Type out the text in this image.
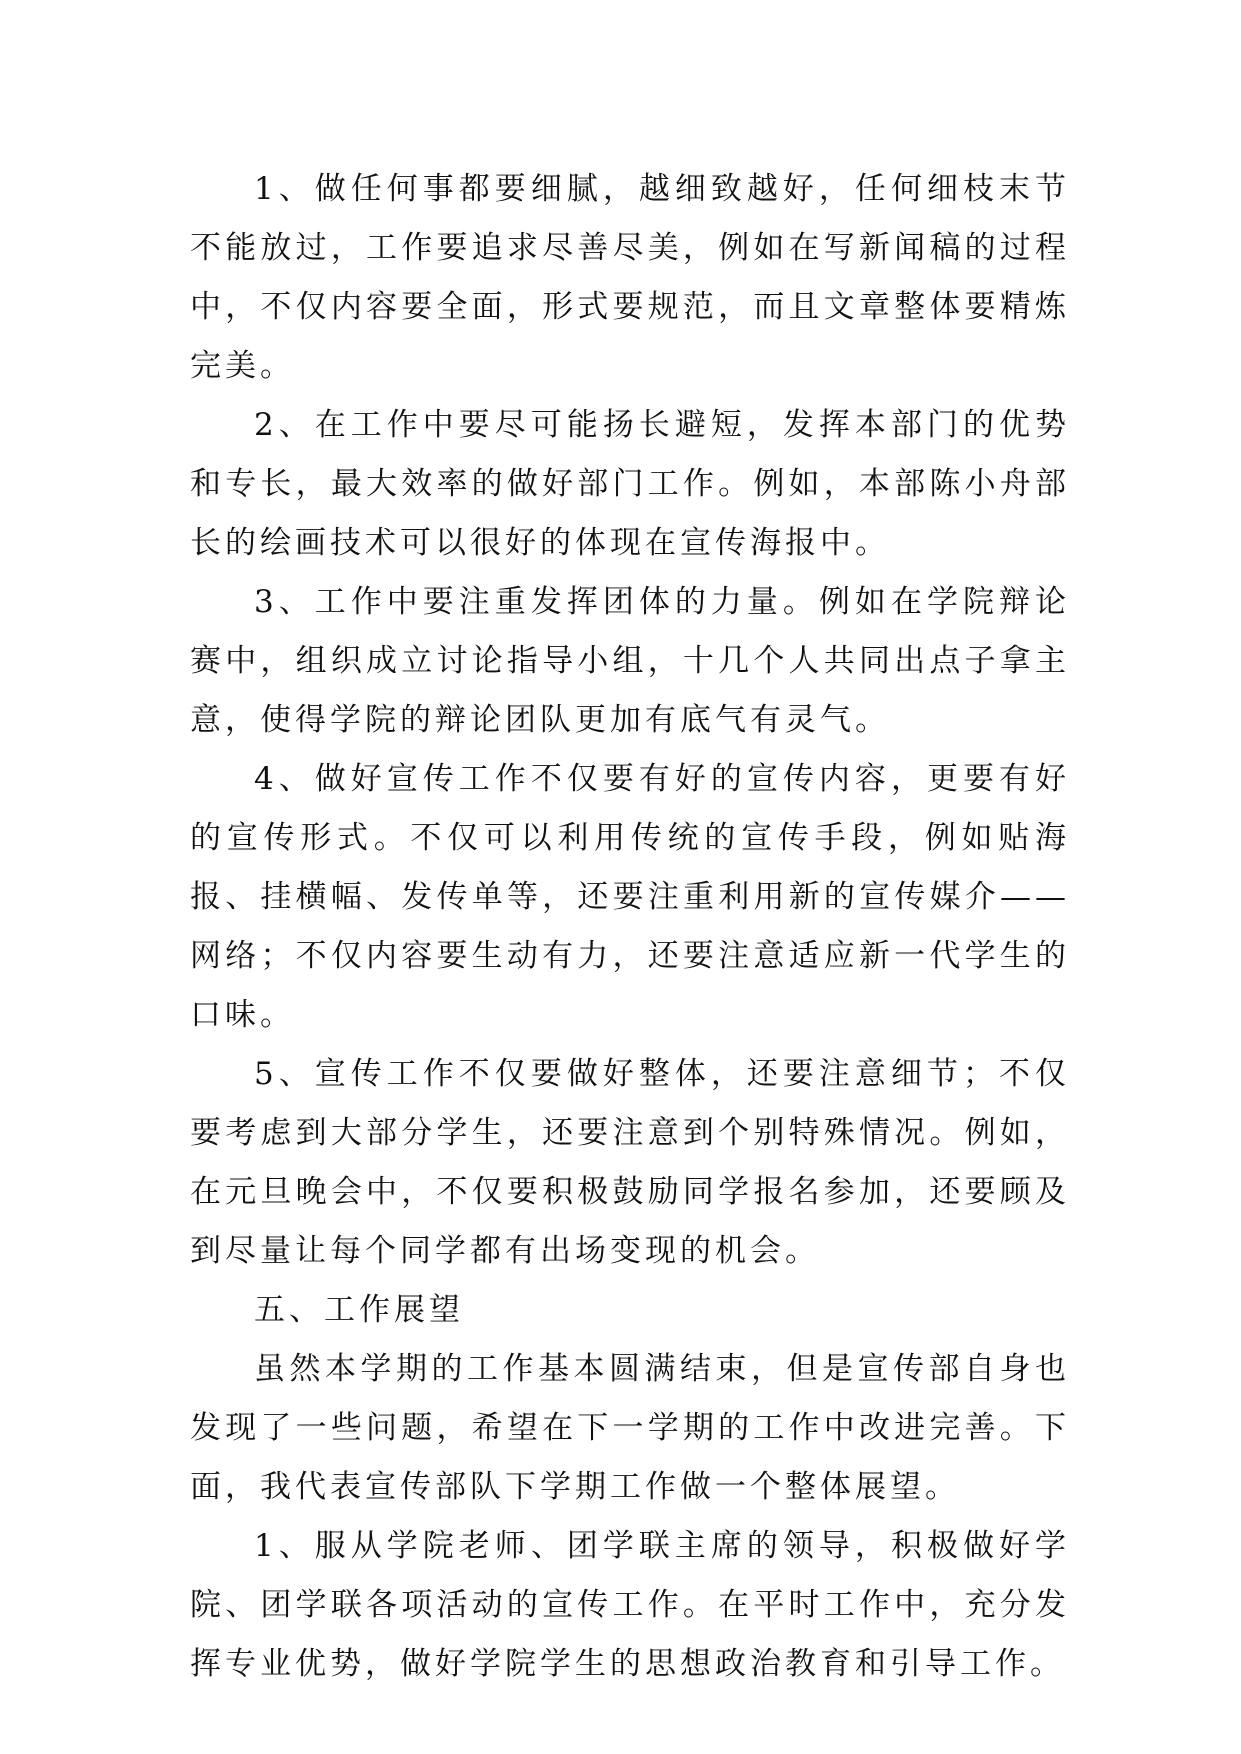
1、做任何事都要细腻，越细致越好，任何细枝末节不能放过，工作要追求尽善尽美，例如在写新闻稿的过程中，不仅内容要全面，形式要规范，而且文章整体要精炼完美。

2、在工作中要尽可能扬长避短，发挥本部门的优势和专长，最大效率的做好部门工作。例如，本部陈小舟部长的绘画技术可以很好的体现在宣传海报中。

3、工作中要注重发挥团体的力量。例如在学院辩论赛中，组织成立讨论指导小组，十几个人共同出点子拿主意，使得学院的辩论团队更加有底气有灵气。

4、做好宣传工作不仅要有好的宣传内容，更要有好的宣传形式。不仅可以利用传统的宣传手段，例如贴海报、挂横幅、发传单等，还要注重利用新的宣传媒介——网络；不仅内容要生动有力，还要注意适应新一代学生的口味。

5、宣传工作不仅要做好整体，还要注意细节；不仅要考虑到大部分学生，还要注意到个别特殊情况。例如，在元旦晚会中，不仅要积极鼓励同学报名参加，还要顾及到尽量让每个同学都有出场变现的机会。

五、工作展望

虽然本学期的工作基本圆满结束，但是宣传部自身也发现了一些问题，希望在下一学期的工作中改进完善。下面，我代表宣传部队下学期工作做一个整体展望。

1、服从学院老师、团学联主席的领导，积极做好学院、团学联各项活动的宣传工作。在平时工作中，充分发挥专业优势，做好学院学生的思想政治教育和引导工作。
